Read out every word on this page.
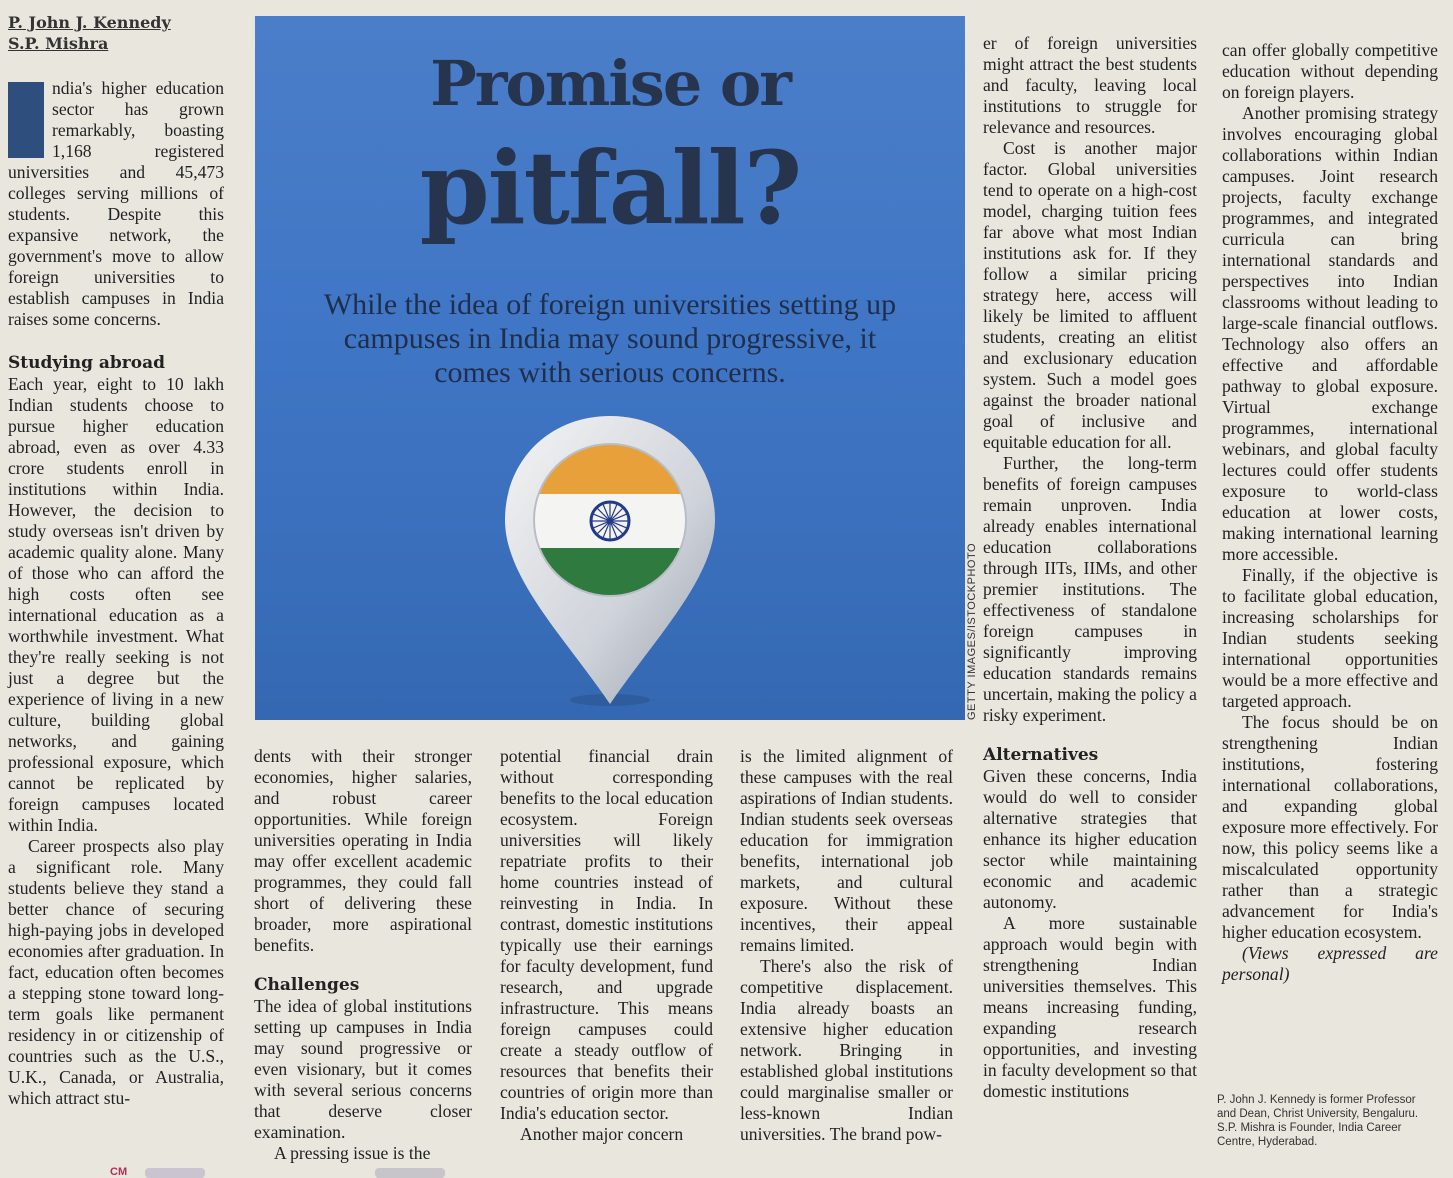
P. John J. Kennedy
S.P. Mishra

ndia's higher education sector has grown remarkably, boasting 1,168 registered universities and 45,473 colleges serving millions of students. Despite this expansive network, the government's move to allow foreign universities to establish campuses in India raises some concerns.

Studying abroad

Each year, eight to 10 lakh Indian students choose to pursue higher education abroad, even as over 4.33 crore students enroll in institutions within India. However, the decision to study overseas isn't driven by academic quality alone. Many of those who can afford the high costs often see international education as a worthwhile investment. What they're really seeking is not just a degree but the experience of living in a new culture, building global networks, and gaining professional exposure, which cannot be replicated by foreign campuses located within India.

Career prospects also play a significant role. Many students believe they stand a better chance of securing high-paying jobs in developed economies after graduation. In fact, education often becomes a stepping stone toward long-term goals like permanent residency in or citizenship of countries such as the U.S., U.K., Canada, or Australia, which attract stu-

Promise or
pitfall?
While the idea of foreign universities setting up campuses in India may sound progressive, it comes with serious concerns.
GETTY IMAGES/ISTOCKPHOTO

dents with their stronger economies, higher salaries, and robust career opportunities. While foreign universities operating in India may offer excellent academic programmes, they could fall short of delivering these broader, more aspirational benefits.

Challenges

The idea of global institutions setting up campuses in India may sound progressive or even visionary, but it comes with several serious concerns that deserve closer examination.

A pressing issue is the

potential financial drain without corresponding benefits to the local education ecosystem. Foreign universities will likely repatriate profits to their home countries instead of reinvesting in India. In contrast, domestic institutions typically use their earnings for faculty development, fund research, and upgrade infrastructure. This means foreign campuses could create a steady outflow of resources that benefits their countries of origin more than India's education sector.

Another major concern

is the limited alignment of these campuses with the real aspirations of Indian students. Indian students seek overseas education for immigration benefits, international job markets, and cultural exposure. Without these incentives, their appeal remains limited.

There's also the risk of competitive displacement. India already boasts an extensive higher education network. Bringing in established global institutions could marginalise smaller or less-known Indian universities. The brand pow-

er of foreign universities might attract the best students and faculty, leaving local institutions to struggle for relevance and resources.

Cost is another major factor. Global universities tend to operate on a high-cost model, charging tuition fees far above what most Indian institutions ask for. If they follow a similar pricing strategy here, access will likely be limited to affluent students, creating an elitist and exclusionary education system. Such a model goes against the broader national goal of inclusive and equitable education for all.

Further, the long-term benefits of foreign campuses remain unproven. India already enables international education collaborations through IITs, IIMs, and other premier institutions. The effectiveness of standalone foreign campuses in significantly improving education standards remains uncertain, making the policy a risky experiment.

Alternatives

Given these concerns, India would do well to consider alternative strategies that enhance its higher education sector while maintaining economic and academic autonomy.

A more sustainable approach would begin with strengthening Indian universities themselves. This means increasing funding, expanding research opportunities, and investing in faculty development so that domestic institutions

can offer globally competitive education without depending on foreign players.

Another promising strategy involves encouraging global collaborations within Indian campuses. Joint research projects, faculty exchange programmes, and integrated curricula can bring international standards and perspectives into Indian classrooms without leading to large-scale financial outflows. Technology also offers an effective and affordable pathway to global exposure. Virtual exchange programmes, international webinars, and global faculty lectures could offer students exposure to world-class education at lower costs, making international learning more accessible.

Finally, if the objective is to facilitate global education, increasing scholarships for Indian students seeking international opportunities would be a more effective and targeted approach.

The focus should be on strengthening Indian institutions, fostering international collaborations, and expanding global exposure more effectively. For now, this policy seems like a miscalculated opportunity rather than a strategic advancement for India's higher education ecosystem.

(Views expressed are personal)

P. John J. Kennedy is former Professor and Dean, Christ University, Bengaluru.
S.P. Mishra is Founder, India Career Centre, Hyderabad.
CM
